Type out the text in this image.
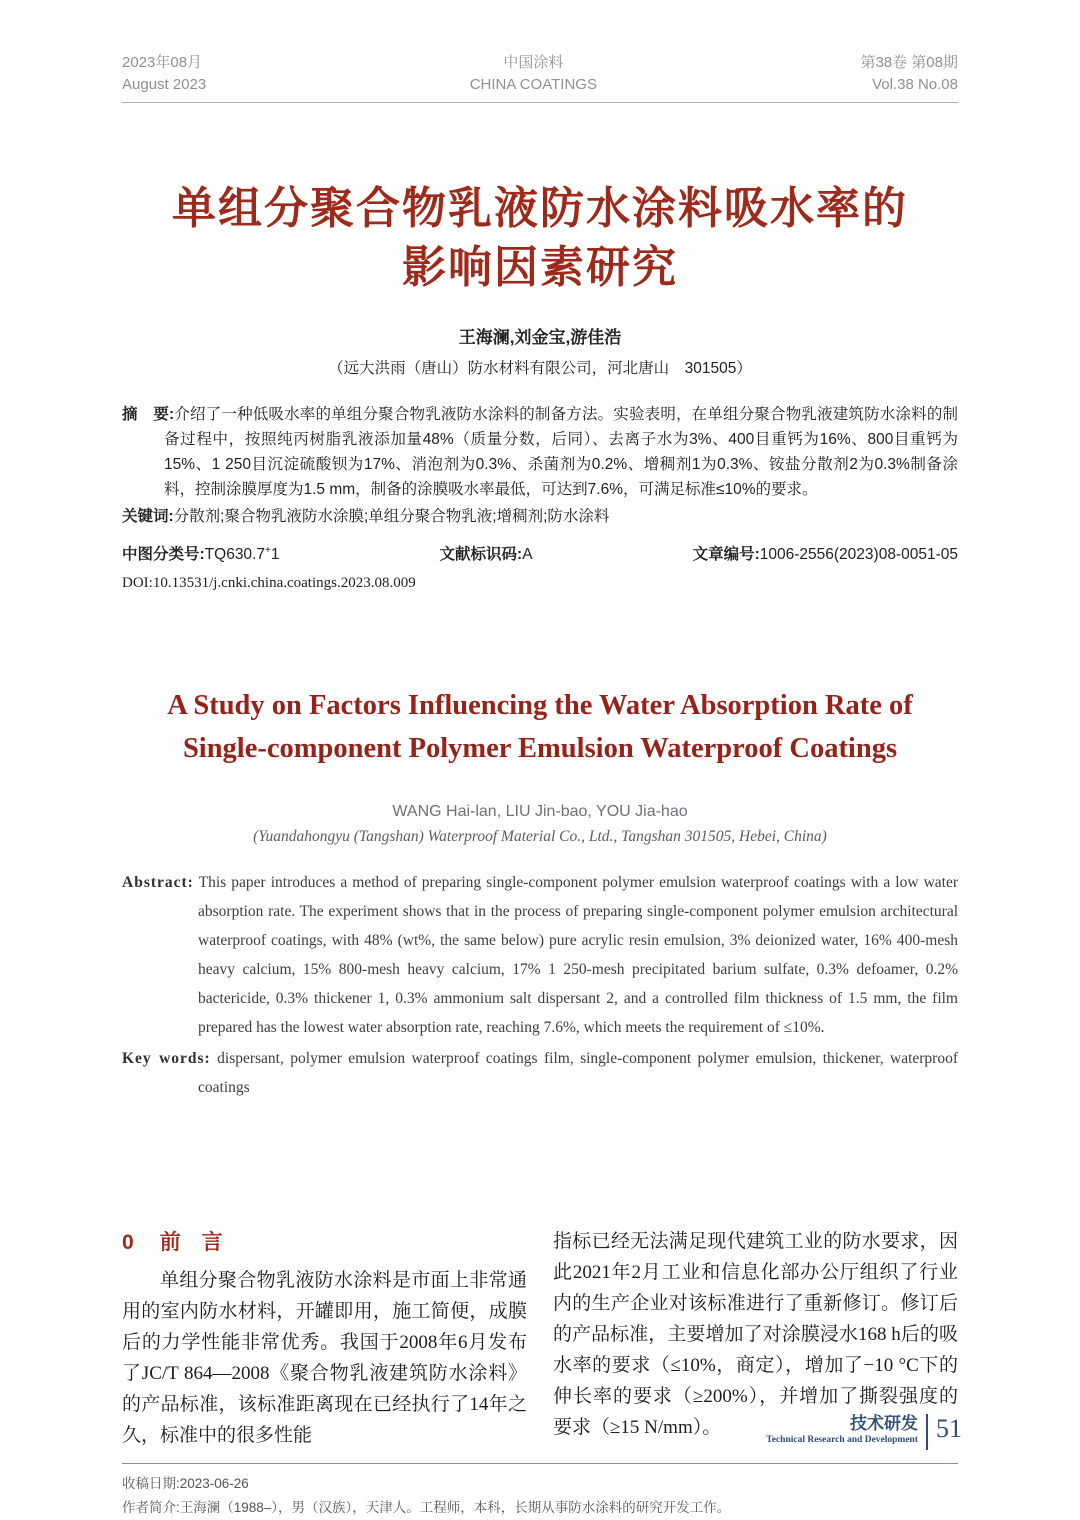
2023年08月
August 2023
中国涂料
CHINA COATINGS
第38卷 第08期
Vol.38 No.08
单组分聚合物乳液防水涂料吸水率的
影响因素研究
王海澜,刘金宝,游佳浩
（远大洪雨（唐山）防水材料有限公司，河北唐山　301505）
摘　要:介绍了一种低吸水率的单组分聚合物乳液防水涂料的制备方法。实验表明，在单组分聚合物乳液建筑防水涂料的制备过程中，按照纯丙树脂乳液添加量48%（质量分数，后同）、去离子水为3%、400目重钙为16%、800目重钙为15%、1 250目沉淀硫酸钡为17%、消泡剂为0.3%、杀菌剂为0.2%、增稠剂1为0.3%、铵盐分散剂2为0.3%制备涂料，控制涂膜厚度为1.5 mm，制备的涂膜吸水率最低，可达到7.6%，可满足标准≤10%的要求。
关键词:分散剂;聚合物乳液防水涂膜;单组分聚合物乳液;增稠剂;防水涂料
中图分类号:TQ630.7+1	文献标识码:A	文章编号:1006-2556(2023)08-0051-05
DOI:10.13531/j.cnki.china.coatings.2023.08.009
A Study on Factors Influencing the Water Absorption Rate of
Single-component Polymer Emulsion Waterproof Coatings
WANG Hai-lan, LIU Jin-bao, YOU Jia-hao
(Yuandahongyu (Tangshan) Waterproof Material Co., Ltd., Tangshan 301505, Hebei, China)
Abstract: This paper introduces a method of preparing single-component polymer emulsion waterproof coatings with a low water absorption rate. The experiment shows that in the process of preparing single-component polymer emulsion architectural waterproof coatings, with 48% (wt%, the same below) pure acrylic resin emulsion, 3% deionized water, 16% 400-mesh heavy calcium, 15% 800-mesh heavy calcium, 17% 1 250-mesh precipitated barium sulfate, 0.3% defoamer, 0.2% bactericide, 0.3% thickener 1, 0.3% ammonium salt dispersant 2, and a controlled film thickness of 1.5 mm, the film prepared has the lowest water absorption rate, reaching 7.6%, which meets the requirement of ≤10%.
Key words: dispersant, polymer emulsion waterproof coatings film, single-component polymer emulsion, thickener, waterproof coatings
0 前　言

单组分聚合物乳液防水涂料是市面上非常通用的室内防水材料，开罐即用，施工简便，成膜后的力学性能非常优秀。我国于2008年6月发布了JC/T 864—2008《聚合物乳液建筑防水涂料》的产品标准，该标准距离现在已经执行了14年之久，标准中的很多性能

指标已经无法满足现代建筑工业的防水要求，因此2021年2月工业和信息化部办公厅组织了行业内的生产企业对该标准进行了重新修订。修订后的产品标准，主要增加了对涂膜浸水168 h后的吸水率的要求（≤10%，商定），增加了−10 °C下的伸长率的要求（≥200%），并增加了撕裂强度的要求（≥15 N/mm）。

收稿日期:2023-06-26
作者简介:王海澜（1988–），男（汉族），天津人。工程师，本科，长期从事防水涂料的研究开发工作。
技术研发
Technical Research and Development 51
